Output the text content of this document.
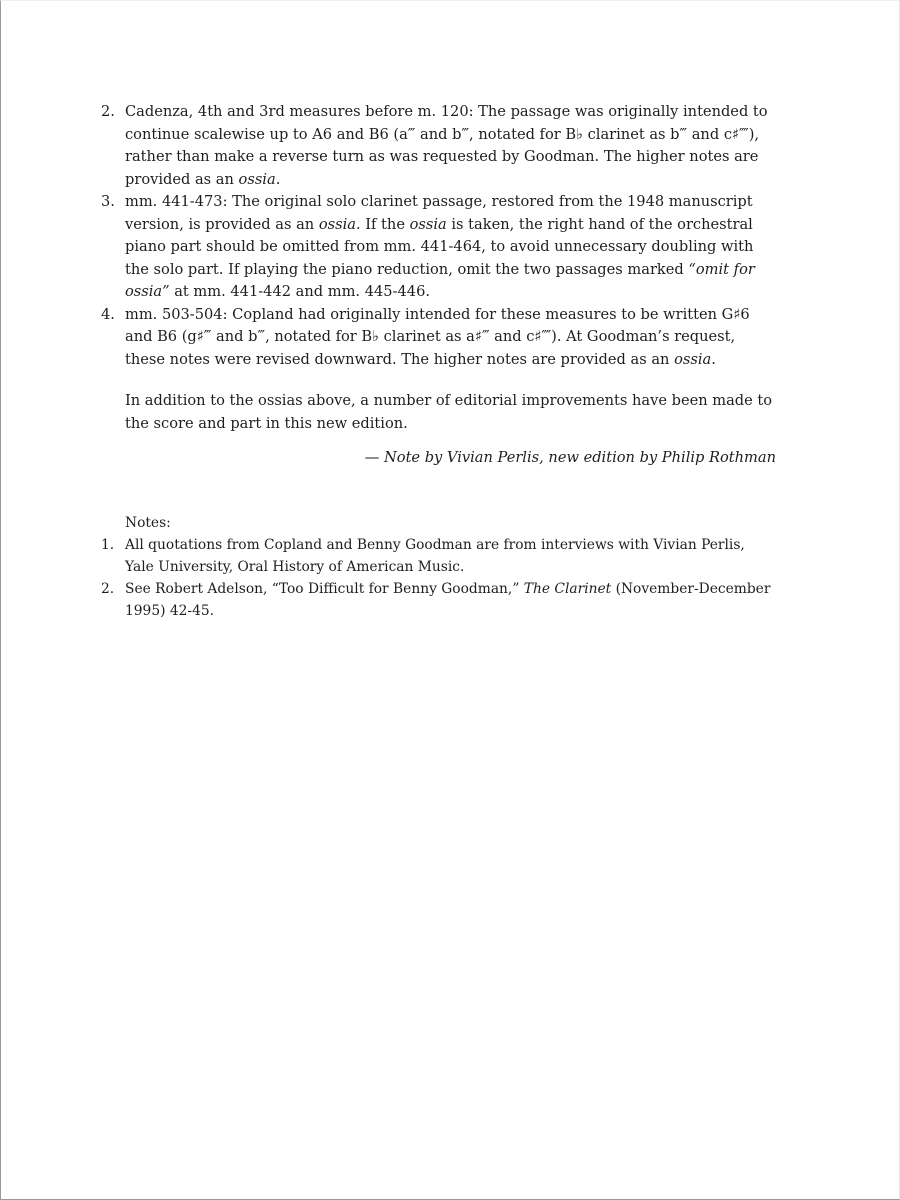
2. Cadenza, 4th and 3rd measures before m. 120: The passage was originally intended to continue scalewise up to A6 and B6 (a‴ and b‴, notated for B♭ clarinet as b‴ and c♯⁗), rather than make a reverse turn as was requested by Goodman. The higher notes are provided as an ossia.
3. mm. 441-473: The original solo clarinet passage, restored from the 1948 manuscript version, is provided as an ossia. If the ossia is taken, the right hand of the orchestral piano part should be omitted from mm. 441-464, to avoid unnecessary doubling with the solo part. If playing the piano reduction, omit the two passages marked “omit for ossia” at mm. 441-442 and mm. 445-446.
4. mm. 503-504: Copland had originally intended for these measures to be written G♯6 and B6 (g♯‴ and b‴, notated for B♭ clarinet as a♯‴ and c♯⁗). At Goodman’s request, these notes were revised downward. The higher notes are provided as an ossia.

In addition to the ossias above, a number of editorial improvements have been made to the score and part in this new edition.

— Note by Vivian Perlis, new edition by Philip Rothman

Notes:

1. All quotations from Copland and Benny Goodman are from interviews with Vivian Perlis, Yale University, Oral History of American Music.
2. See Robert Adelson, “Too Difficult for Benny Goodman,” The Clarinet (November-December 1995) 42-45.
